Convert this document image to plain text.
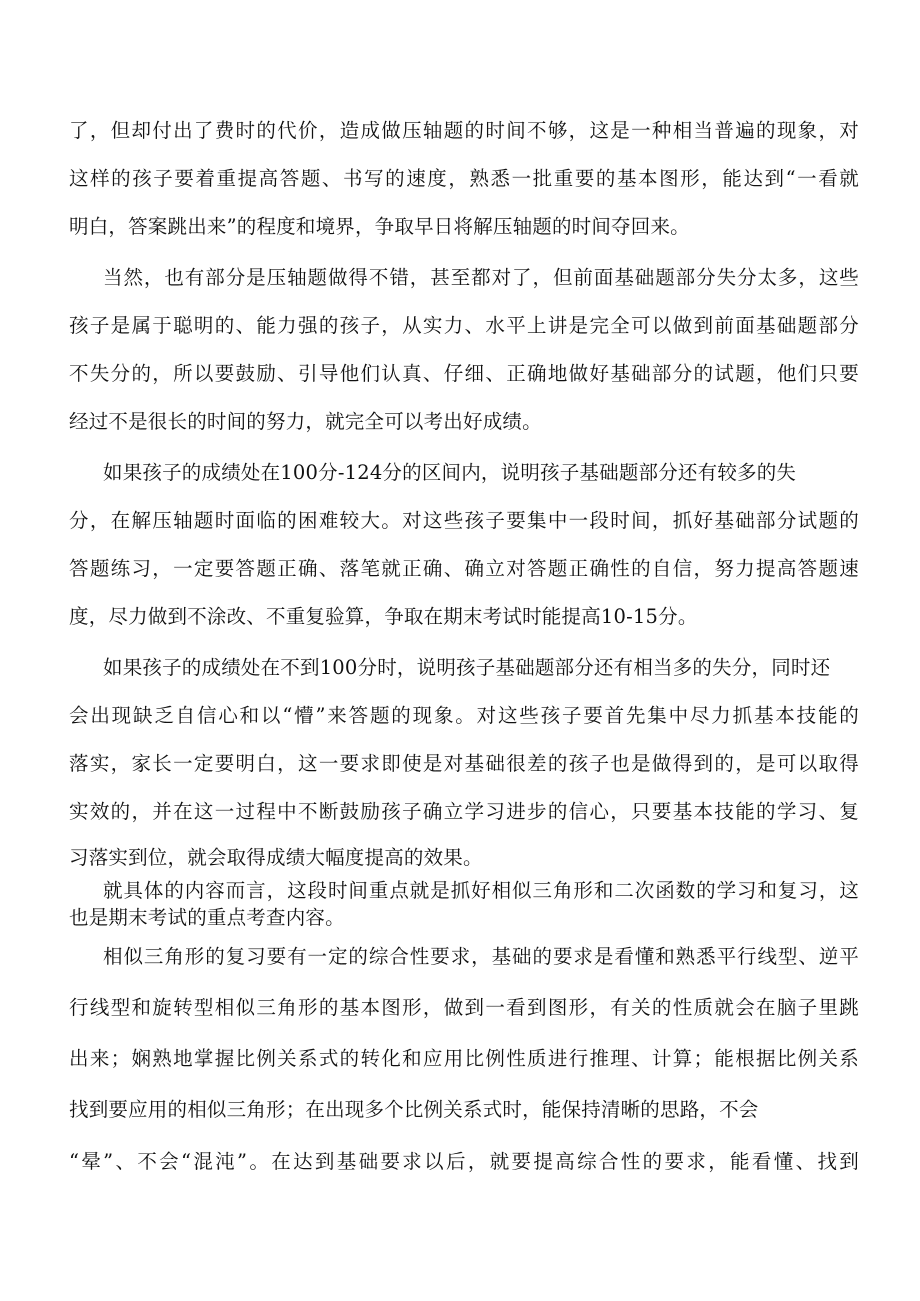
了，但却付出了费时的代价，造成做压轴题的时间不够，这是一种相当普遍的现象，对
这样的孩子要着重提高答题、书写的速度，熟悉一批重要的基本图形，能达到“一看就
明白，答案跳出来”的程度和境界，争取早日将解压轴题的时间夺回来。
当然，也有部分是压轴题做得不错，甚至都对了，但前面基础题部分失分太多，这些
孩子是属于聪明的、能力强的孩子，从实力、水平上讲是完全可以做到前面基础题部分
不失分的，所以要鼓励、引导他们认真、仔细、正确地做好基础部分的试题，他们只要
经过不是很长的时间的努力，就完全可以考出好成绩。
如果孩子的成绩处在100分-124分的区间内，说明孩子基础题部分还有较多的失
分，在解压轴题时面临的困难较大。对这些孩子要集中一段时间，抓好基础部分试题的
答题练习，一定要答题正确、落笔就正确、确立对答题正确性的自信，努力提高答题速
度，尽力做到不涂改、不重复验算，争取在期末考试时能提高10-15分。
如果孩子的成绩处在不到100分时，说明孩子基础题部分还有相当多的失分，同时还
会出现缺乏自信心和以“懵”来答题的现象。对这些孩子要首先集中尽力抓基本技能的
落实，家长一定要明白，这一要求即使是对基础很差的孩子也是做得到的，是可以取得
实效的，并在这一过程中不断鼓励孩子确立学习进步的信心，只要基本技能的学习、复
习落实到位，就会取得成绩大幅度提高的效果。
就具体的内容而言，这段时间重点就是抓好相似三角形和二次函数的学习和复习，这
也是期末考试的重点考查内容。
相似三角形的复习要有一定的综合性要求，基础的要求是看懂和熟悉平行线型、逆平
行线型和旋转型相似三角形的基本图形，做到一看到图形，有关的性质就会在脑子里跳
出来；娴熟地掌握比例关系式的转化和应用比例性质进行推理、计算；能根据比例关系
找到要应用的相似三角形；在出现多个比例关系式时，能保持清晰的思路，不会
“晕”、不会“混沌”。在达到基础要求以后，就要提高综合性的要求，能看懂、找到
